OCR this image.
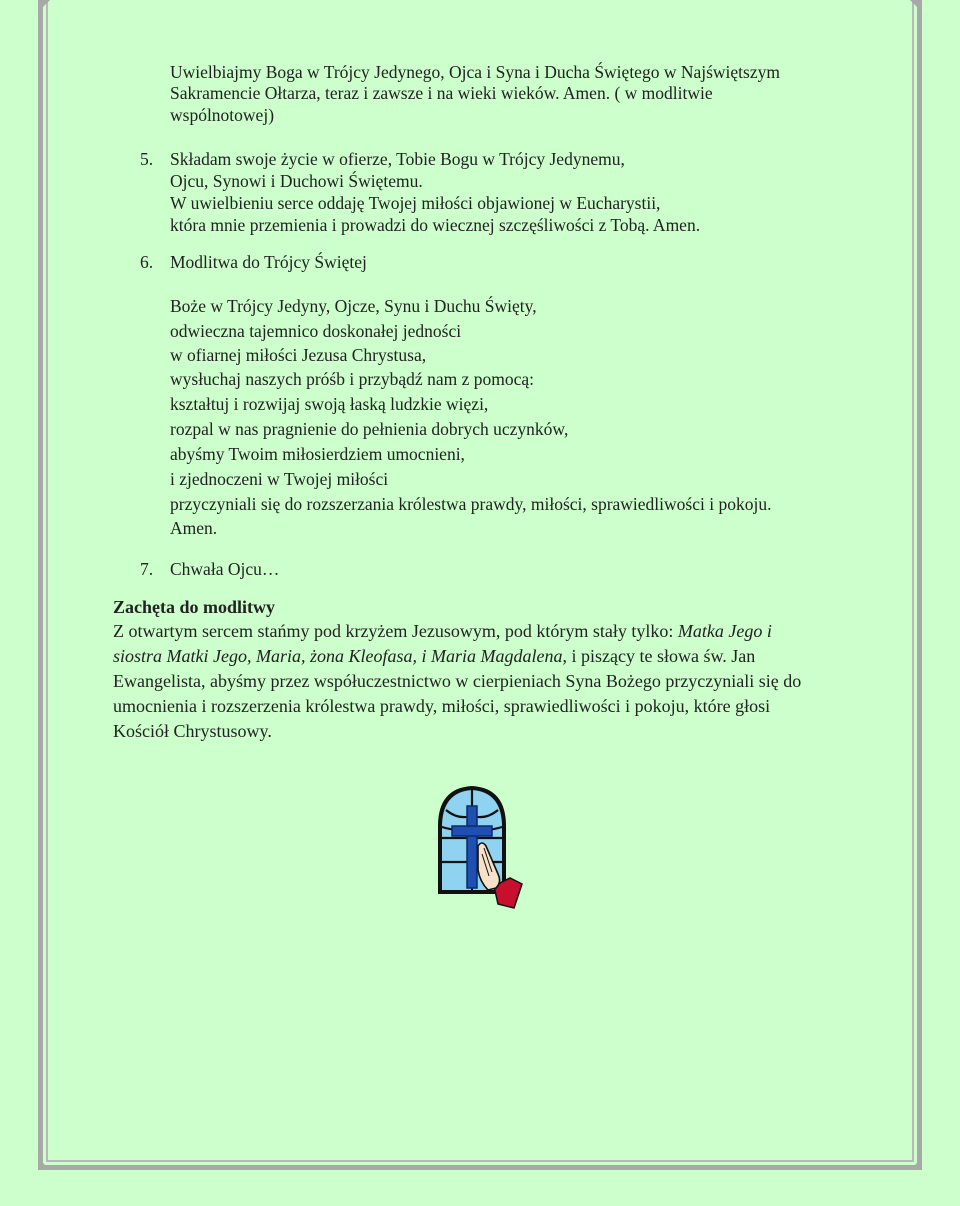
Uwielbiajmy Boga w Trójcy Jedynego, Ojca i Syna i Ducha Świętego w Najświętszym
Sakramencie Ołtarza, teraz i zawsze i na wieki wieków. Amen. ( w modlitwie
wspólnotowej)
5. Składam swoje życie w ofierze, Tobie Bogu w Trójcy Jedynemu,
Ojcu, Synowi i Duchowi Świętemu.
W uwielbieniu serce oddaję Twojej miłości objawionej w Eucharystii,
która mnie przemienia i prowadzi do wiecznej szczęśliwości z Tobą. Amen.
6. Modlitwa do Trójcy Świętej
Boże w Trójcy Jedyny, Ojcze, Synu i Duchu Święty,
odwieczna tajemnico doskonałej jedności
w ofiarnej miłości Jezusa Chrystusa,
wysłuchaj naszych próśb i przybądź nam z pomocą:
kształtuj i rozwijaj swoją łaską ludzkie więzi,
rozpal w nas pragnienie do pełnienia dobrych uczynków,
abyśmy Twoim miłosierdziem umocnieni,
i zjednoczeni w Twojej miłości
przyczyniali się do rozszerzania królestwa prawdy, miłości, sprawiedliwości i pokoju.
Amen.
7. Chwała Ojcu…
Zachęta do modlitwy
Z otwartym sercem stańmy pod krzyżem Jezusowym, pod którym stały tylko: Matka Jego i
siostra Matki Jego, Maria, żona Kleofasa, i Maria Magdalena, i piszący te słowa św. Jan
Ewangelista, abyśmy przez współuczestnictwo w cierpieniach Syna Bożego przyczyniali się do
umocnienia i rozszerzenia królestwa prawdy, miłości, sprawiedliwości i pokoju, które głosi
Kościół Chrystusowy.
